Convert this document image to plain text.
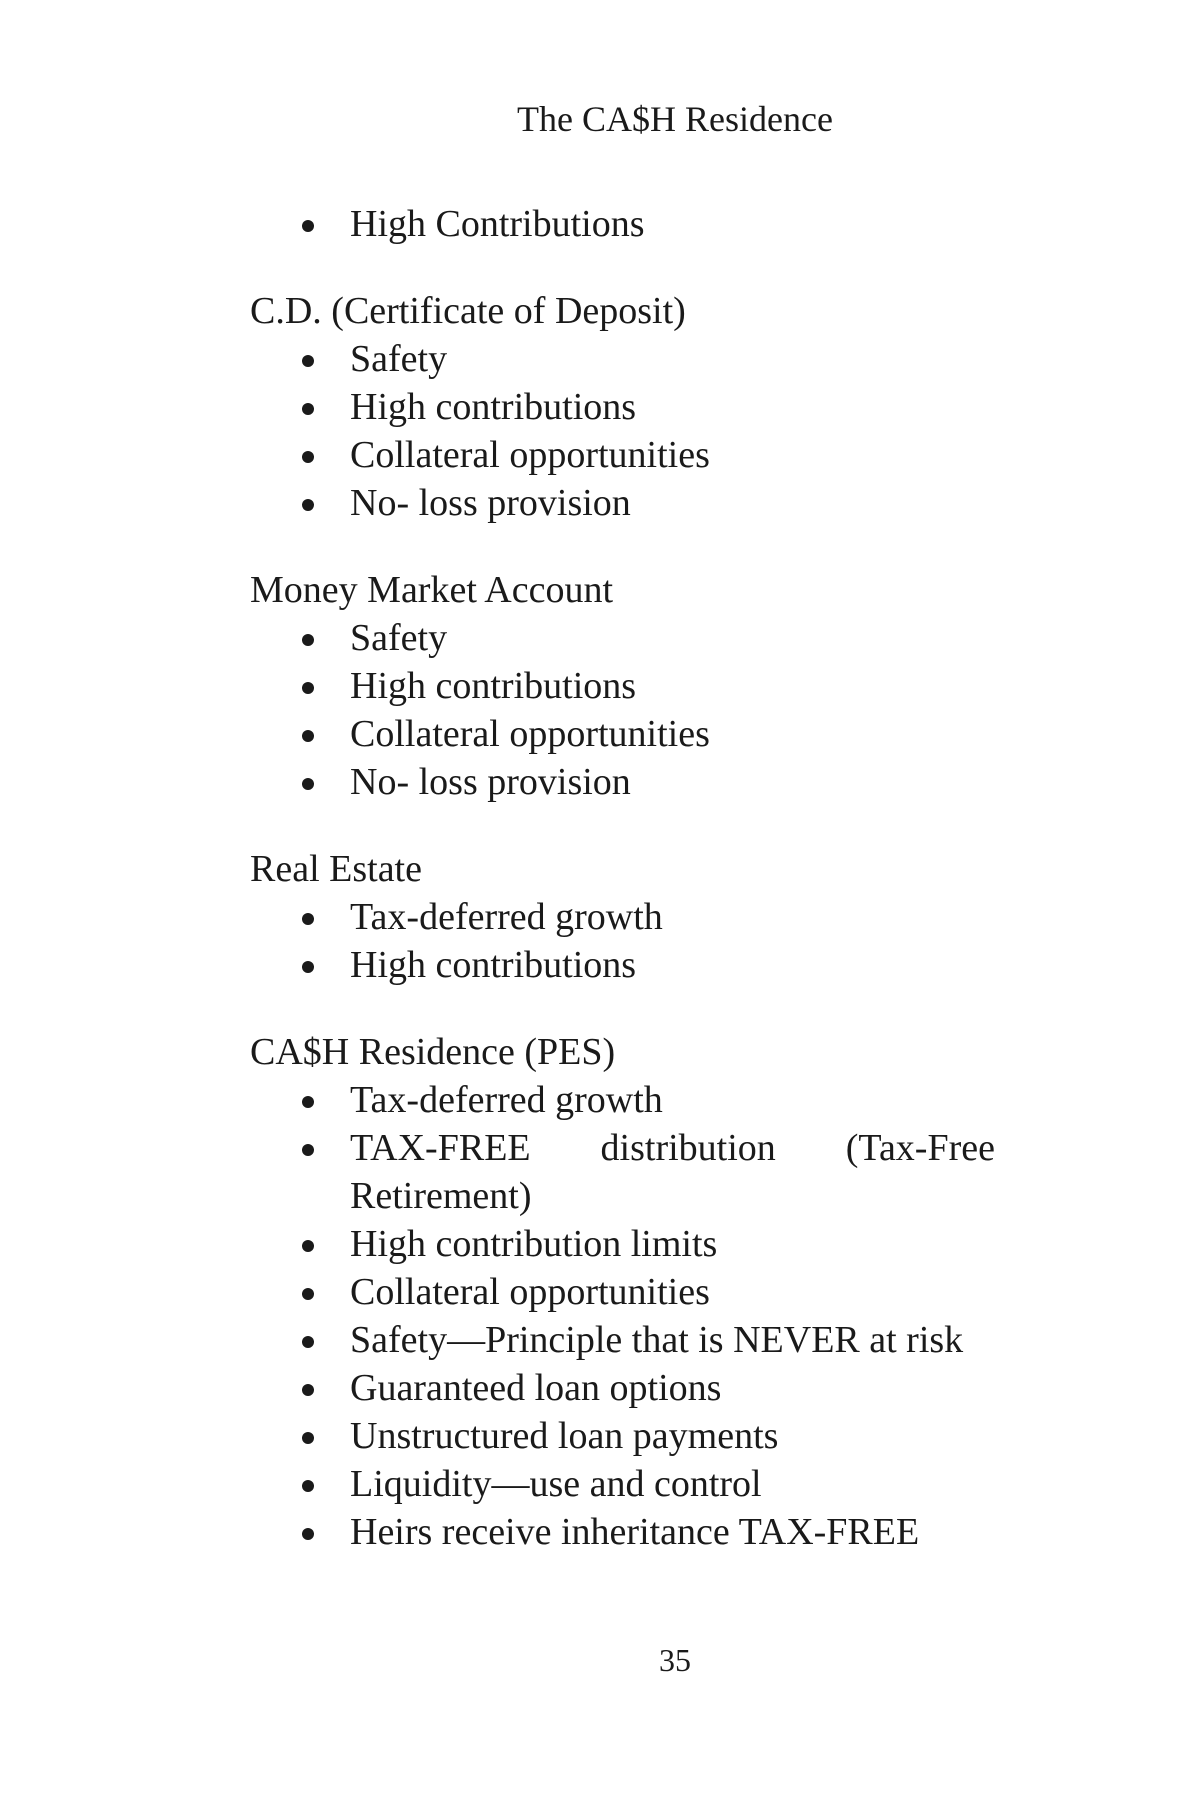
The CA$H Residence
High Contributions

C.D. (Certificate of Deposit)

Safety
High contributions
Collateral opportunities
No- loss provision

Money Market Account

Safety
High contributions
Collateral opportunities
No- loss provision

Real Estate

Tax-deferred growth
High contributions

CA$H Residence (PES)

Tax-deferred growth
TAX-FREE distribution (Tax-Free Retirement)
High contribution limits
Collateral opportunities
Safety—Principle that is NEVER at risk
Guaranteed loan options
Unstructured loan payments
Liquidity—use and control
Heirs receive inheritance TAX-FREE
35
